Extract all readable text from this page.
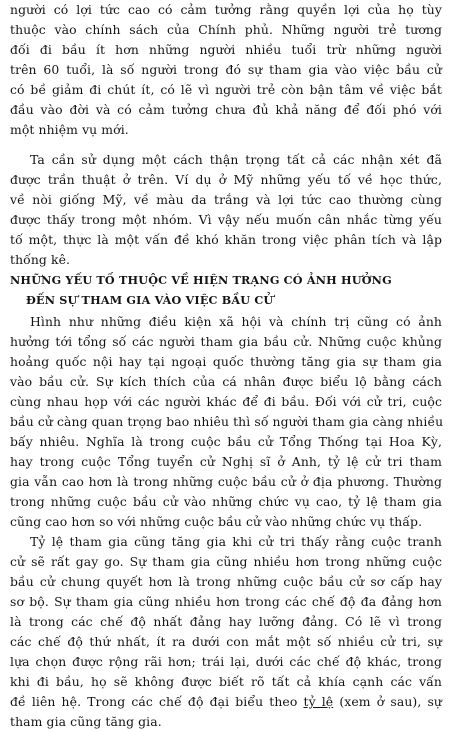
người có lợi tức cao có cảm tưởng rằng quyền lợi của họ tùy
thuộc vào chính sách của Chính phủ. Những người trẻ tương
đối đi bầu ít hơn những người nhiều tuổi trừ những người
trên 60 tuổi, là số người trong đó sự tham gia vào việc bầu cử
có bề giảm đi chút ít, có lẽ vì người trẻ còn bận tâm về việc bắt
đầu vào đời và có cảm tưởng chưa đủ khả năng để đối phó với
một nhiệm vụ mới.
Ta cần sử dụng một cách thận trọng tất cả các nhận xét đã
được trần thuật ở trên. Ví dụ ở Mỹ những yếu tố về học thức,
về nòi giống Mỹ, về màu da trắng và lợi tức cao thường cùng
được thấy trong một nhóm. Vì vậy nếu muốn cân nhắc từng yếu
tố một, thực là một vấn đề khó khăn trong việc phân tích và lập
thống kê.
NHỮNG YẾU TỐ THUỘC VỀ HIỆN TRẠNG CÓ ẢNH HƯỞNG
ĐẾN SỰ THAM GIA VÀO VIỆC BẦU CỬ
Hình như những điều kiện xã hội và chính trị cũng có ảnh
hưởng tới tổng số các người tham gia bầu cử. Những cuộc khủng
hoảng quốc nội hay tại ngoại quốc thường tăng gia sự tham gia
vào bầu cử. Sự kích thích của cá nhân được biểu lộ bằng cách
cùng nhau họp với các người khác để đi bầu. Đối với cử tri, cuộc
bầu cử càng quan trọng bao nhiêu thì số người tham gia càng nhiều
bấy nhiêu. Nghĩa là trong cuộc bầu cử Tổng Thống tại Hoa Kỳ,
hay trong cuộc Tổng tuyển cử Nghị sĩ ở Anh, tỷ lệ cử tri tham
gia vẫn cao hơn là trong những cuộc bầu cử ở địa phương. Thường
trong những cuộc bầu cử vào những chức vụ cao, tỷ lệ tham gia
cũng cao hơn so với những cuộc bầu cử vào những chức vụ thấp.
Tỷ lệ tham gia cũng tăng gia khi cử tri thấy rằng cuộc tranh
cử sẽ rất gay go. Sự tham gia cũng nhiều hơn trong những cuộc
bầu cử chung quyết hơn là trong những cuộc bầu cử sơ cấp hay
sơ bộ. Sự tham gia cũng nhiều hơn trong các chế độ đa đảng hơn
là trong các chế độ nhất đảng hay lưỡng đảng. Có lẽ vì trong
các chế độ thứ nhất, ít ra dưới con mắt một số nhiều cử tri, sự
lựa chọn được rộng rãi hơn; trái lại, dưới các chế độ khác, trong
khi đi bầu, họ sẽ không được biết rõ tất cả khía cạnh các vấn
đề liên hệ. Trong các chế độ đại biểu theo tỷ lệ (xem ở sau), sự
tham gia cũng tăng gia.
